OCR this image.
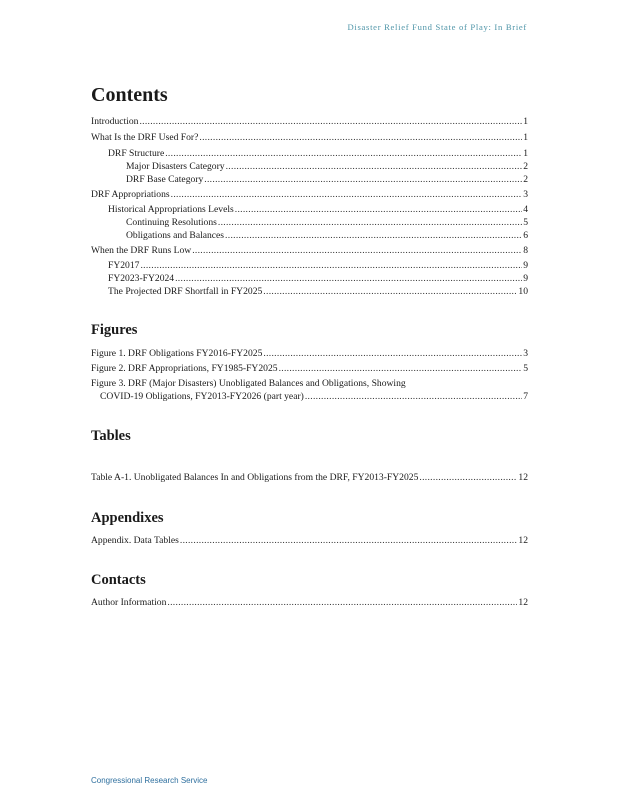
Disaster Relief Fund State of Play: In Brief
Contents
Introduction .....	1
What Is the DRF Used For? .....	1
DRF Structure .....	1
Major Disasters Category .....	2
DRF Base Category .....	2
DRF Appropriations .....	3
Historical Appropriations Levels .....	4
Continuing Resolutions .....	5
Obligations and Balances .....	6
When the DRF Runs Low .....	8
FY2017 .....	9
FY2023-FY2024 .....	9
The Projected DRF Shortfall in FY2025 .....	10
Figures
Figure 1. DRF Obligations FY2016-FY2025 .....	3
Figure 2. DRF Appropriations, FY1985-FY2025 .....	5
Figure 3. DRF (Major Disasters) Unobligated Balances and Obligations, Showing
COVID-19 Obligations, FY2013-FY2026 (part year) .....	7
Tables
Table A-1. Unobligated Balances In and Obligations from the DRF, FY2013-FY2025 .....	12
Appendixes
Appendix. Data Tables .....	12
Contacts
Author Information .....	12
Congressional Research Service
